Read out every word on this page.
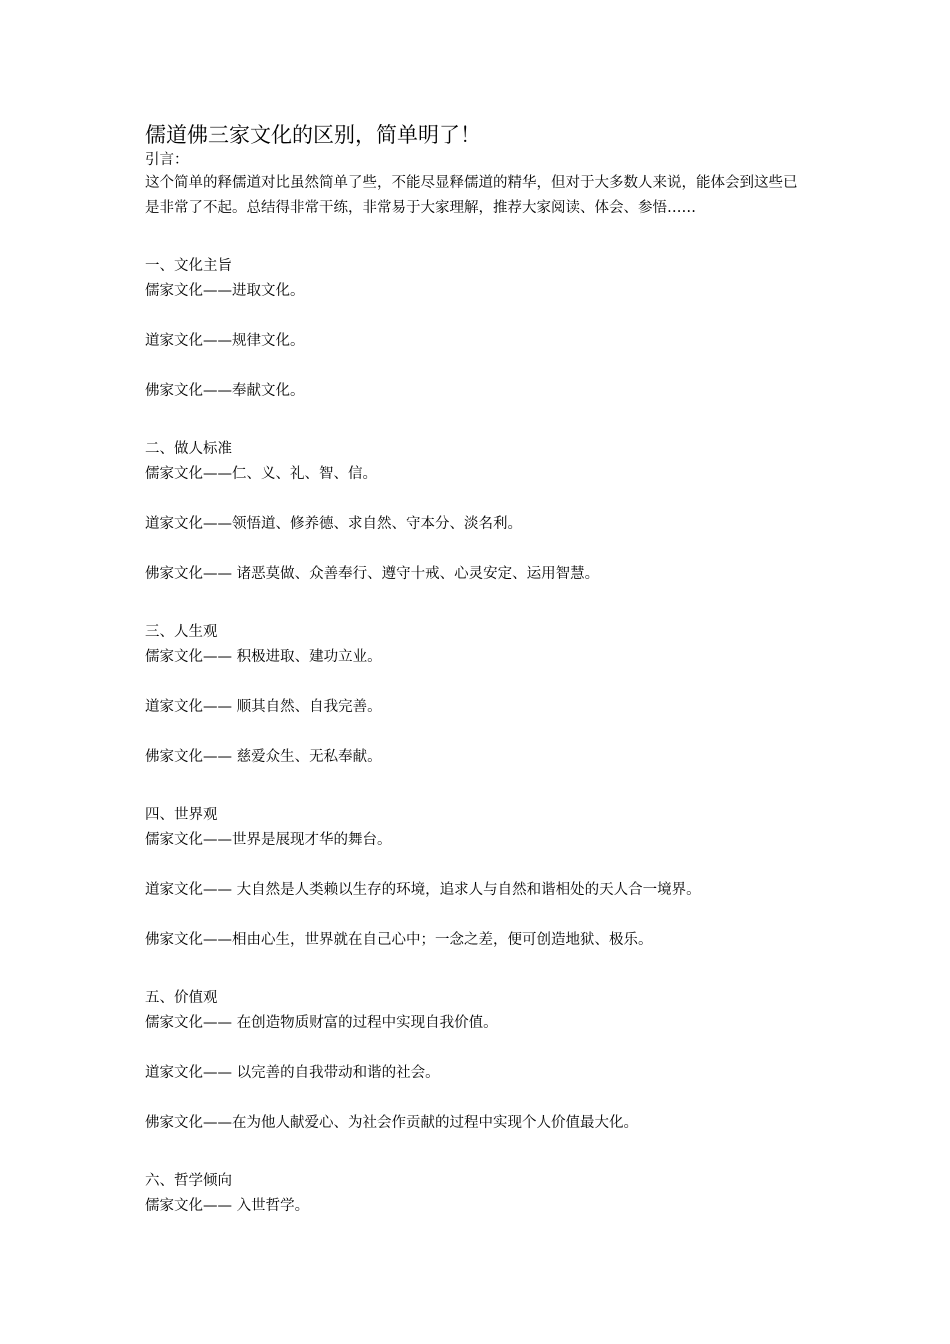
儒道佛三家文化的区别，简单明了！

引言：

这个简单的释儒道对比虽然简单了些，不能尽显释儒道的精华，但对于大多数人来说，能体会到这些已是非常了不起。总结得非常干练，非常易于大家理解，推荐大家阅读、体会、参悟……

一、文化主旨

儒家文化——进取文化。

道家文化——规律文化。

佛家文化——奉献文化。

二、做人标准

儒家文化——仁、义、礼、智、信。

道家文化——领悟道、修养德、求自然、守本分、淡名利。

佛家文化—— 诸恶莫做、众善奉行、遵守十戒、心灵安定、运用智慧。

三、人生观

儒家文化—— 积极进取、建功立业。

道家文化—— 顺其自然、自我完善。

佛家文化—— 慈爱众生、无私奉献。

四、世界观

儒家文化——世界是展现才华的舞台。

道家文化—— 大自然是人类赖以生存的环境，追求人与自然和谐相处的天人合一境界。

佛家文化——相由心生，世界就在自己心中；一念之差，便可创造地狱、极乐。

五、价值观

儒家文化—— 在创造物质财富的过程中实现自我价值。

道家文化—— 以完善的自我带动和谐的社会。

佛家文化——在为他人献爱心、为社会作贡献的过程中实现个人价值最大化。

六、哲学倾向

儒家文化—— 入世哲学。
